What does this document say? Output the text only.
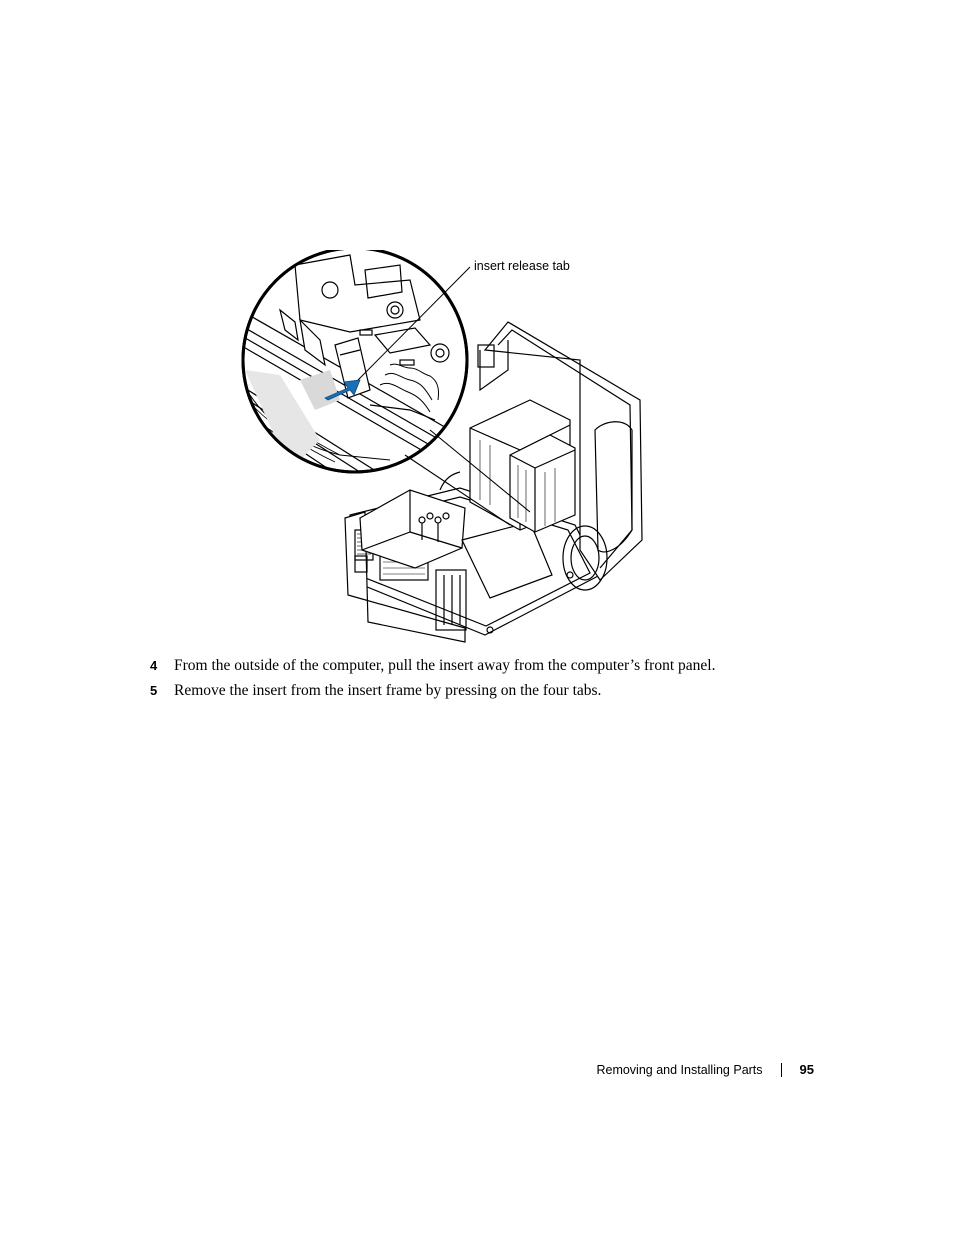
insert release tab
4	From the outside of the computer, pull the insert away from the computer’s front panel.
5	Remove the insert from the insert frame by pressing on the four tabs.
Removing and Installing Parts	95
